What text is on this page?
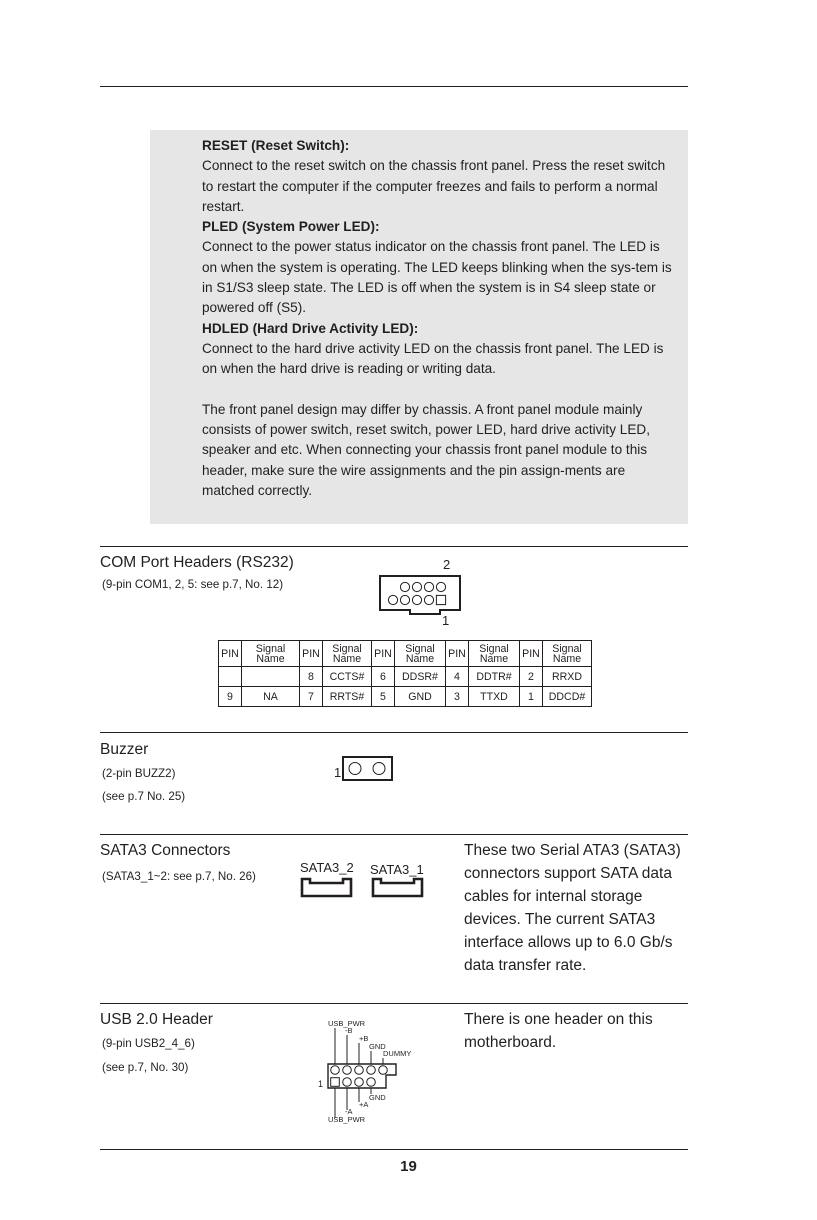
RESET (Reset Switch):

Connect to the reset switch on the chassis front panel. Press the reset switch to restart the computer if the computer freezes and fails to perform a normal restart.

PLED (System Power LED):

Connect to the power status indicator on the chassis front panel. The LED is on when the system is operating. The LED keeps blinking when the sys-tem is in S1/S3 sleep state. The LED is off when the system is in S4 sleep state or powered off (S5).

HDLED (Hard Drive Activity LED):

Connect to the hard drive activity LED on the chassis front panel. The LED is on when the hard drive is reading or writing data.

The front panel design may differ by chassis. A front panel module mainly consists of power switch, reset switch, power LED, hard drive activity LED, speaker and etc. When connecting your chassis front panel module to this header, make sure the wire assignments and the pin assign-ments are matched correctly.

COM Port Headers (RS232)
(9-pin COM1, 2, 5: see p.7, No. 12)
2
1
PIN	Signal Name	PIN	Signal Name	PIN	Signal Name	PIN	Signal Name	PIN	Signal Name
		8	CCTS#	6	DDSR#	4	DDTR#	2	RRXD
9	NA	7	RRTS#	5	GND	3	TTXD	1	DDCD#
Buzzer
(2-pin BUZZ2)
(see p.7 No. 25)
1
SATA3 Connectors
(SATA3_1~2: see p.7, No. 26)
SATA3_2 SATA3_1

These two Serial ATA3 (SATA3)

connectors support SATA data

cables for internal storage

devices. The current SATA3

interface allows up to 6.0 Gb/s

data transfer rate.

USB 2.0 Header
(9-pin USB2_4_6)
(see p.7, No. 30)
USB_PWR
-B
+B
GND
DUMMY
1
GND
+A
-A
USB_PWR

There is one header on this

motherboard.

19
